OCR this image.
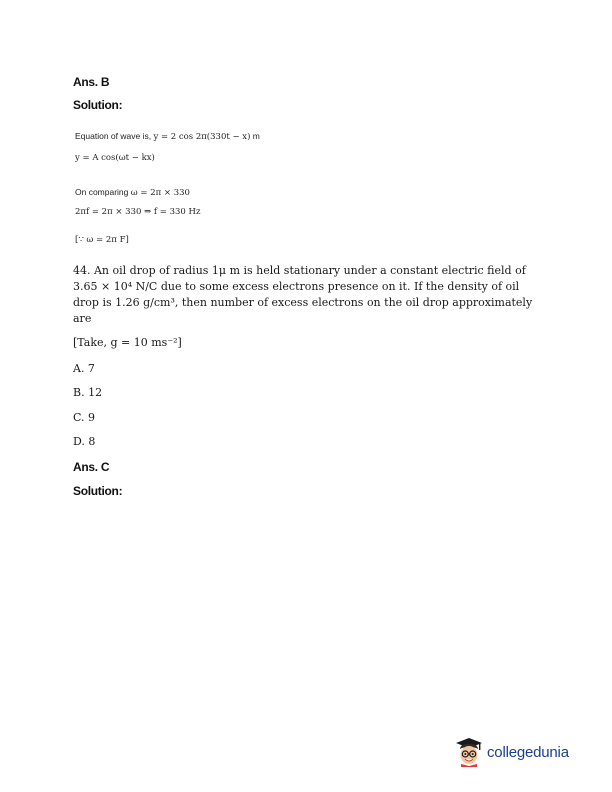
Ans. B
Solution:
Equation of wave is, y = 2 cos 2π(330t − x) m
y = A cos(ωt − kx)
On comparing ω = 2π × 330
2πf = 2π × 330 ⇒ f = 330 Hz
[∵ ω = 2π F]
44. An oil drop of radius 1μ m is held stationary under a constant electric field of 3.65 × 10⁴ N/C due to some excess electrons presence on it. If the density of oil drop is 1.26 g/cm³, then number of excess electrons on the oil drop approximately are
[Take, g = 10 ms⁻²]
A. 7
B. 12
C. 9
D. 8
Ans. C
Solution:
collegedunia
